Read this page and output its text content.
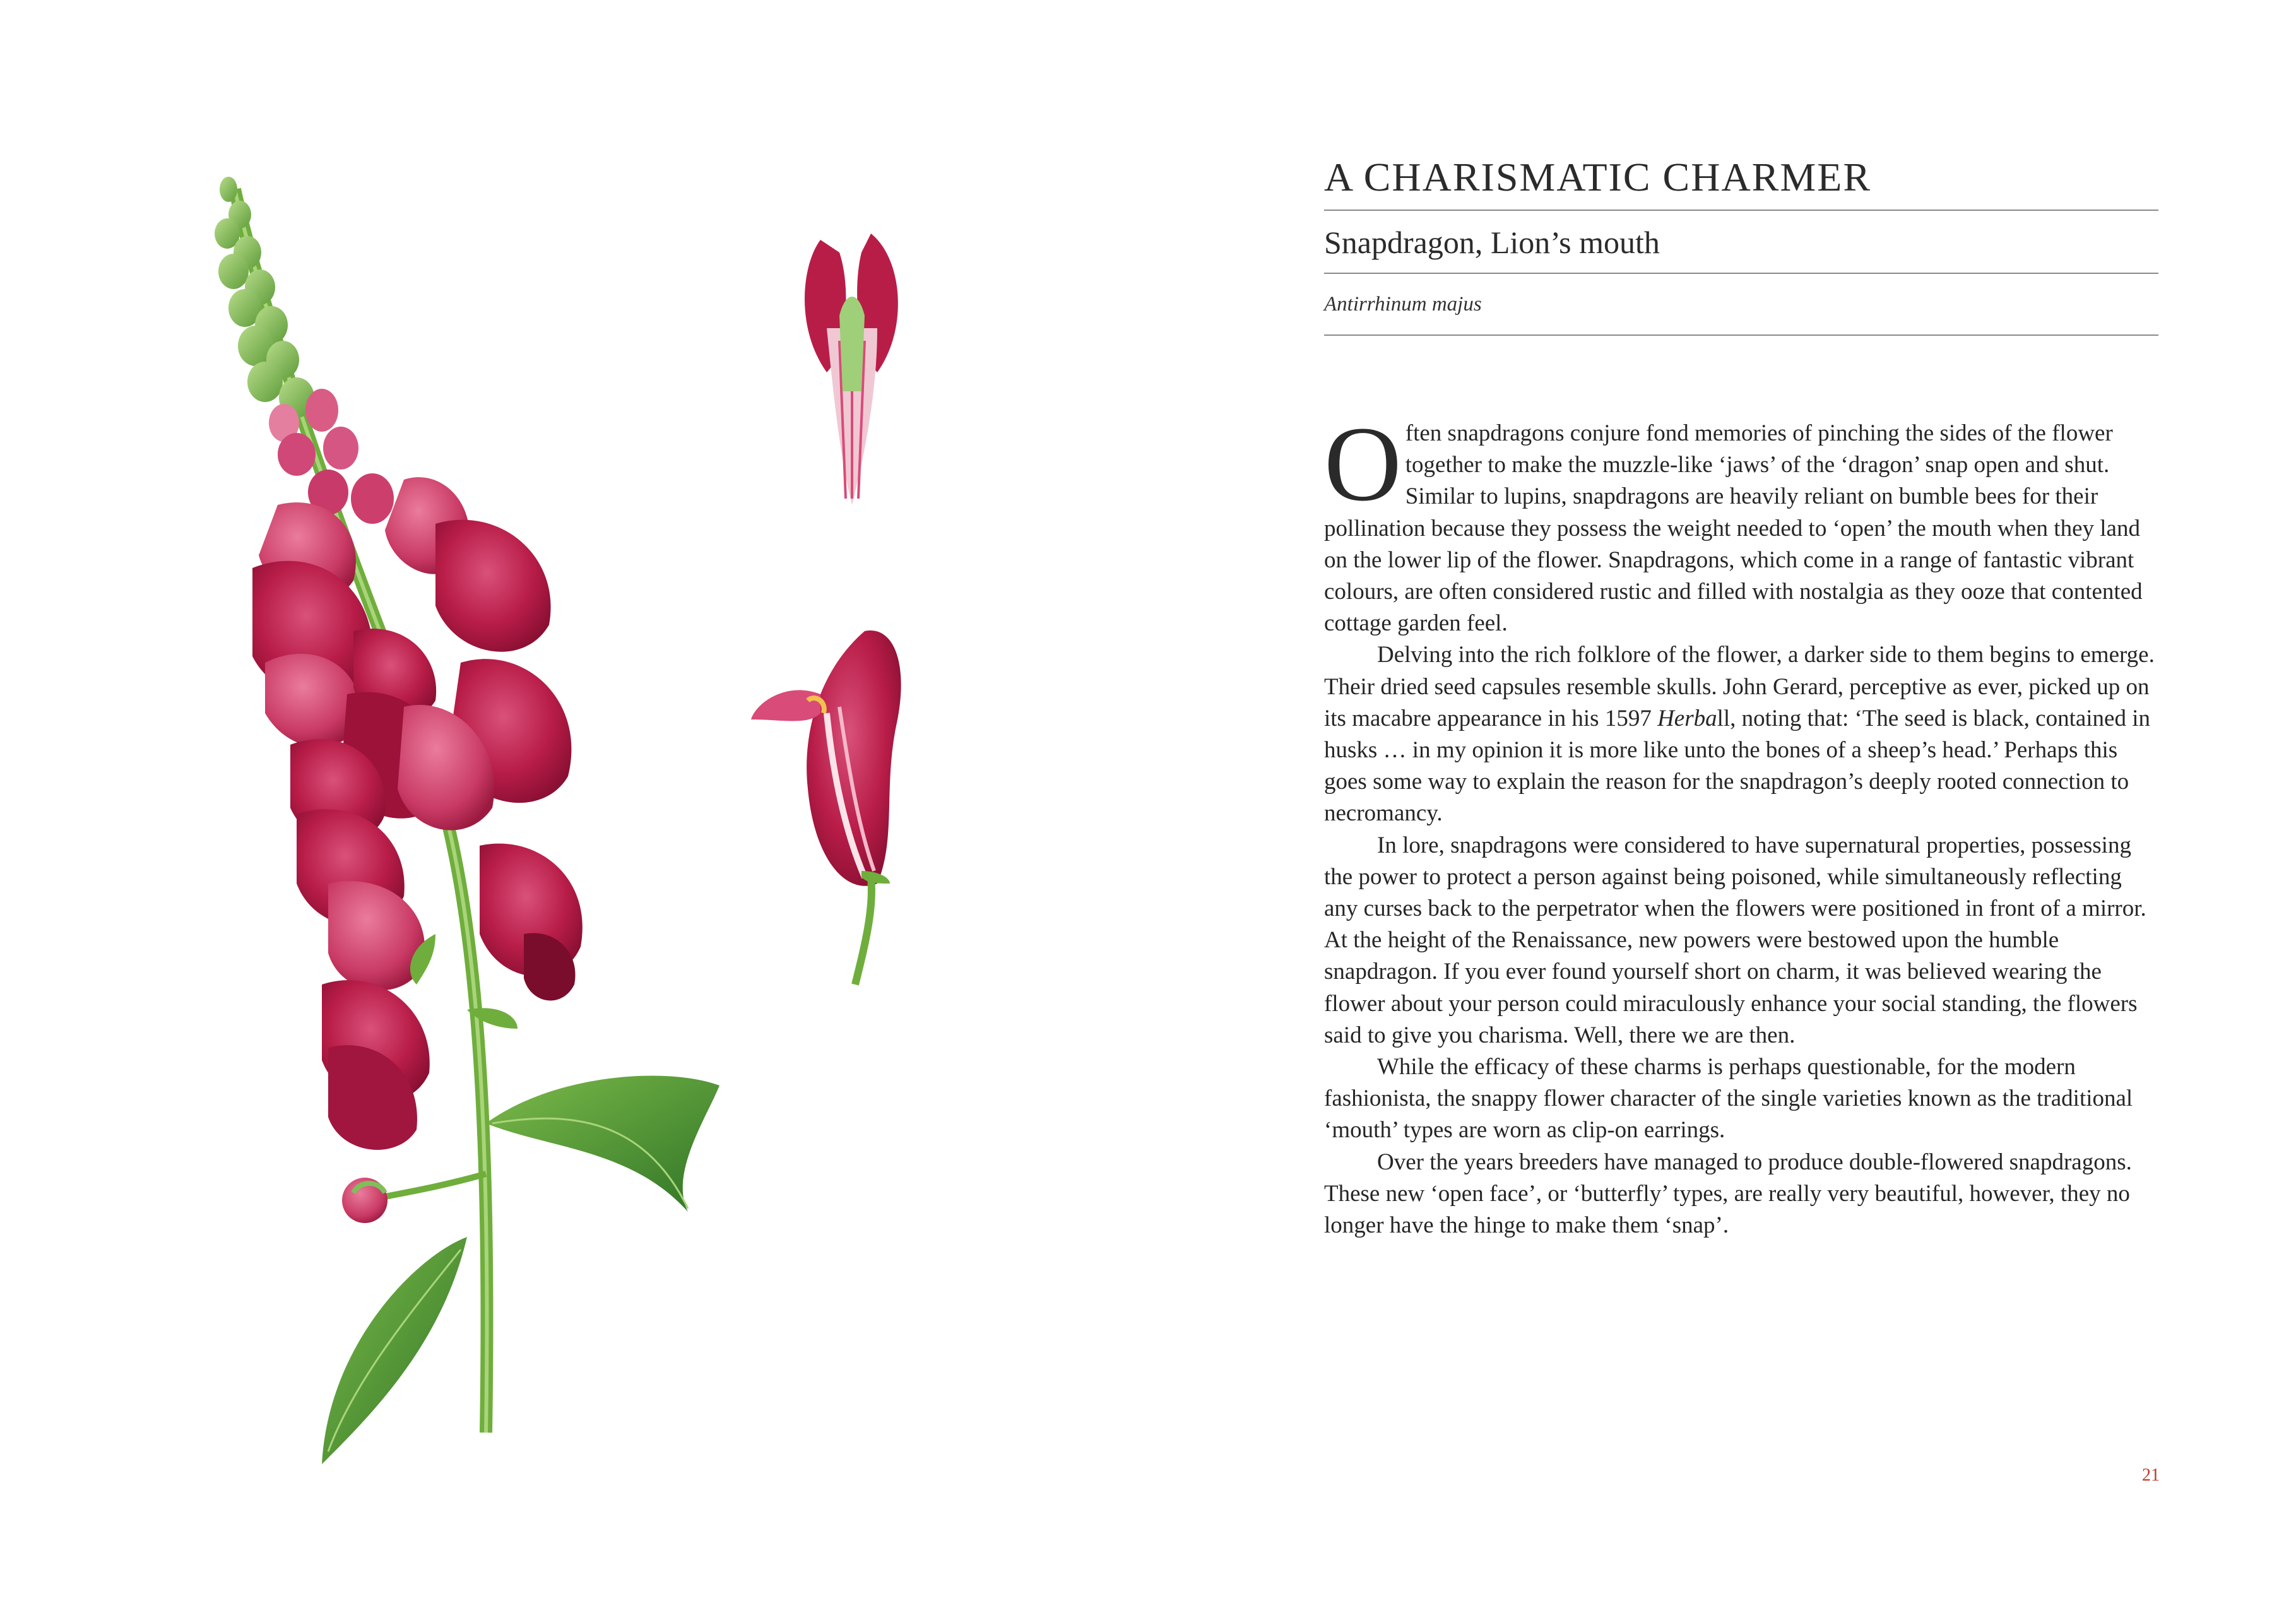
A CHARISMATIC CHARMER
Snapdragon, Lion’s mouth
Antirrhinum majus

Often snapdragons conjure fond memories of pinching the sides of the flower together to make the muzzle-like ‘jaws’ of the ‘dragon’ snap open and shut. Similar to lupins, snapdragons are heavily reliant on bumble bees for their pollination because they possess the weight needed to ‘open’ the mouth when they land on the lower lip of the flower. Snapdragons, which come in a range of fantastic vibrant colours, are often considered rustic and filled with nostalgia as they ooze that contented cottage garden feel.

Delving into the rich folklore of the flower, a darker side to them begins to emerge. Their dried seed capsules resemble skulls. John Gerard, perceptive as ever, picked up on its macabre appearance in his 1597 Herball, noting that: ‘The seed is black, contained in husks … in my opinion it is more like unto the bones of a sheep’s head.’ Perhaps this goes some way to explain the reason for the snapdragon’s deeply rooted connection to necromancy.

In lore, snapdragons were considered to have supernatural properties, possessing the power to protect a person against being poisoned, while simultaneously reflecting any curses back to the perpetrator when the flowers were positioned in front of a mirror. At the height of the Renaissance, new powers were bestowed upon the humble snapdragon. If you ever found yourself short on charm, it was believed wearing the flower about your person could miraculously enhance your social standing, the flowers said to give you charisma. Well, there we are then.

While the efficacy of these charms is perhaps questionable, for the modern fashionista, the snappy flower character of the single varieties known as the traditional ‘mouth’ types are worn as clip-on earrings.

Over the years breeders have managed to produce double-flowered snapdragons. These new ‘open face’, or ‘butterfly’ types, are really very beautiful, however, they no longer have the hinge to make them ‘snap’.

21
